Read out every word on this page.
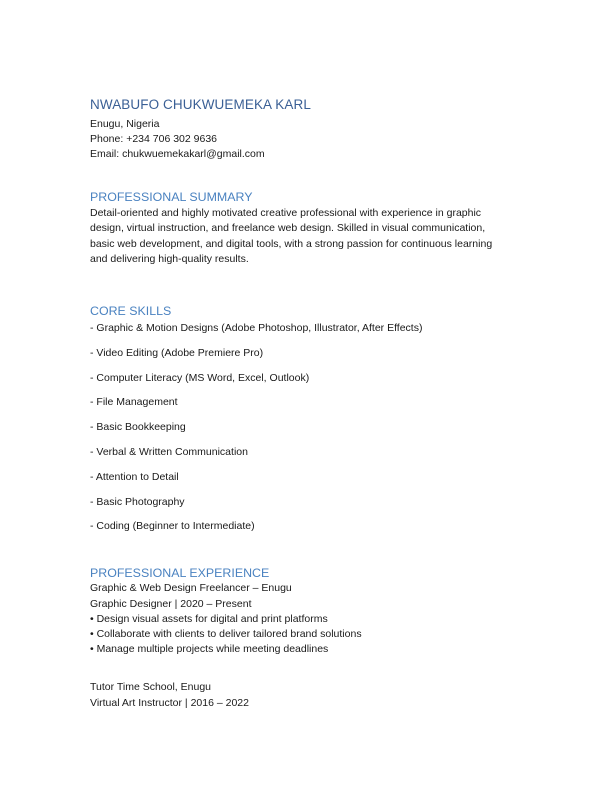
NWABUFO CHUKWUEMEKA KARL

Enugu, Nigeria

Phone: +234 706 302 9636

Email: chukwuemekakarl@gmail.com

PROFESSIONAL SUMMARY

Detail-oriented and highly motivated creative professional with experience in graphic
design, virtual instruction, and freelance web design. Skilled in visual communication,
basic web development, and digital tools, with a strong passion for continuous learning
and delivering high-quality results.

CORE SKILLS

- Graphic & Motion Designs (Adobe Photoshop, Illustrator, After Effects)
- Video Editing (Adobe Premiere Pro)
- Computer Literacy (MS Word, Excel, Outlook)
- File Management
- Basic Bookkeeping
- Verbal & Written Communication
- Attention to Detail
- Basic Photography
- Coding (Beginner to Intermediate)

PROFESSIONAL EXPERIENCE

Graphic & Web Design Freelancer – Enugu

Graphic Designer | 2020 – Present

• Design visual assets for digital and print platforms

• Collaborate with clients to deliver tailored brand solutions

• Manage multiple projects while meeting deadlines

Tutor Time School, Enugu

Virtual Art Instructor | 2016 – 2022
